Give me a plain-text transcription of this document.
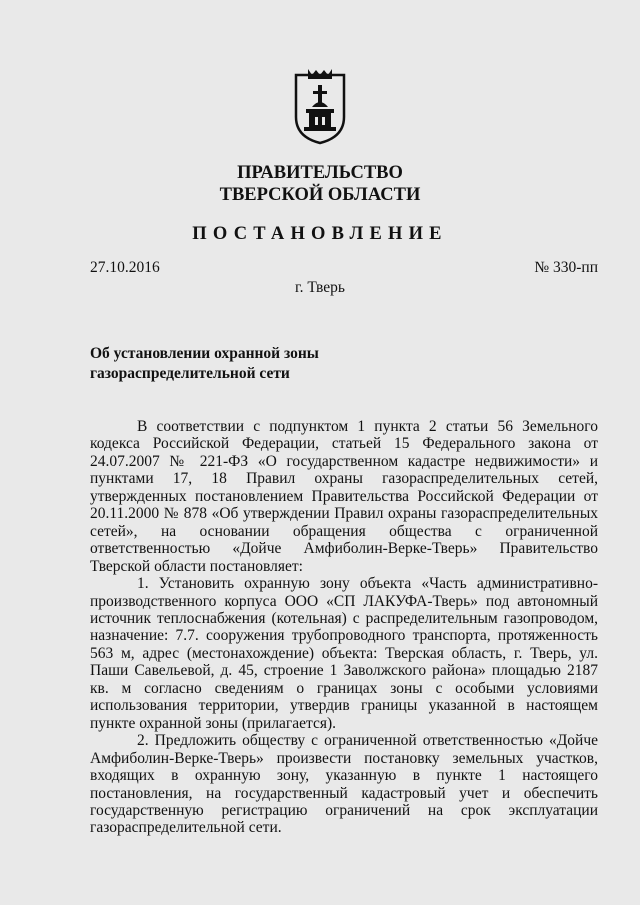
ПРАВИТЕЛЬСТВО
ТВЕРСКОЙ ОБЛАСТИ
ПОСТАНОВЛЕНИЕ
27.10.2016	№ 330-пп
г. Тверь
Об установлении охранной зоны
газораспределительной сети

В соответствии с подпунктом 1 пункта 2 статьи 56 Земельного кодекса Российской Федерации, статьей 15 Федерального закона от 24.07.2007 № 221-ФЗ «О государственном кадастре недвижимости» и пунктами 17, 18 Правил охраны газораспределительных сетей, утвержденных постановлением Правительства Российской Федерации от 20.11.2000 № 878 «Об утверждении Правил охраны газораспределительных сетей», на основании обращения общества с ограниченной ответственностью «Дойче Амфиболин-Верке-Тверь» Правительство Тверской области постановляет:

1. Установить охранную зону объекта «Часть административно-производственного корпуса ООО «СП ЛАКУФА-Тверь» под автономный источник теплоснабжения (котельная) с распределительным газопроводом, назначение: 7.7. сооружения трубопроводного транспорта, протяженность 563 м, адрес (местонахождение) объекта: Тверская область, г. Тверь, ул. Паши Савельевой, д. 45, строение 1 Заволжского района» площадью 2187 кв. м согласно сведениям о границах зоны с особыми условиями использования территории, утвердив границы указанной в настоящем пункте охранной зоны (прилагается).

2. Предложить обществу с ограниченной ответственностью «Дойче Амфиболин-Верке-Тверь» произвести постановку земельных участков, входящих в охранную зону, указанную в пункте 1 настоящего постановления, на государственный кадастровый учет и обеспечить государственную регистрацию ограничений на срок эксплуатации газораспределительной сети.
